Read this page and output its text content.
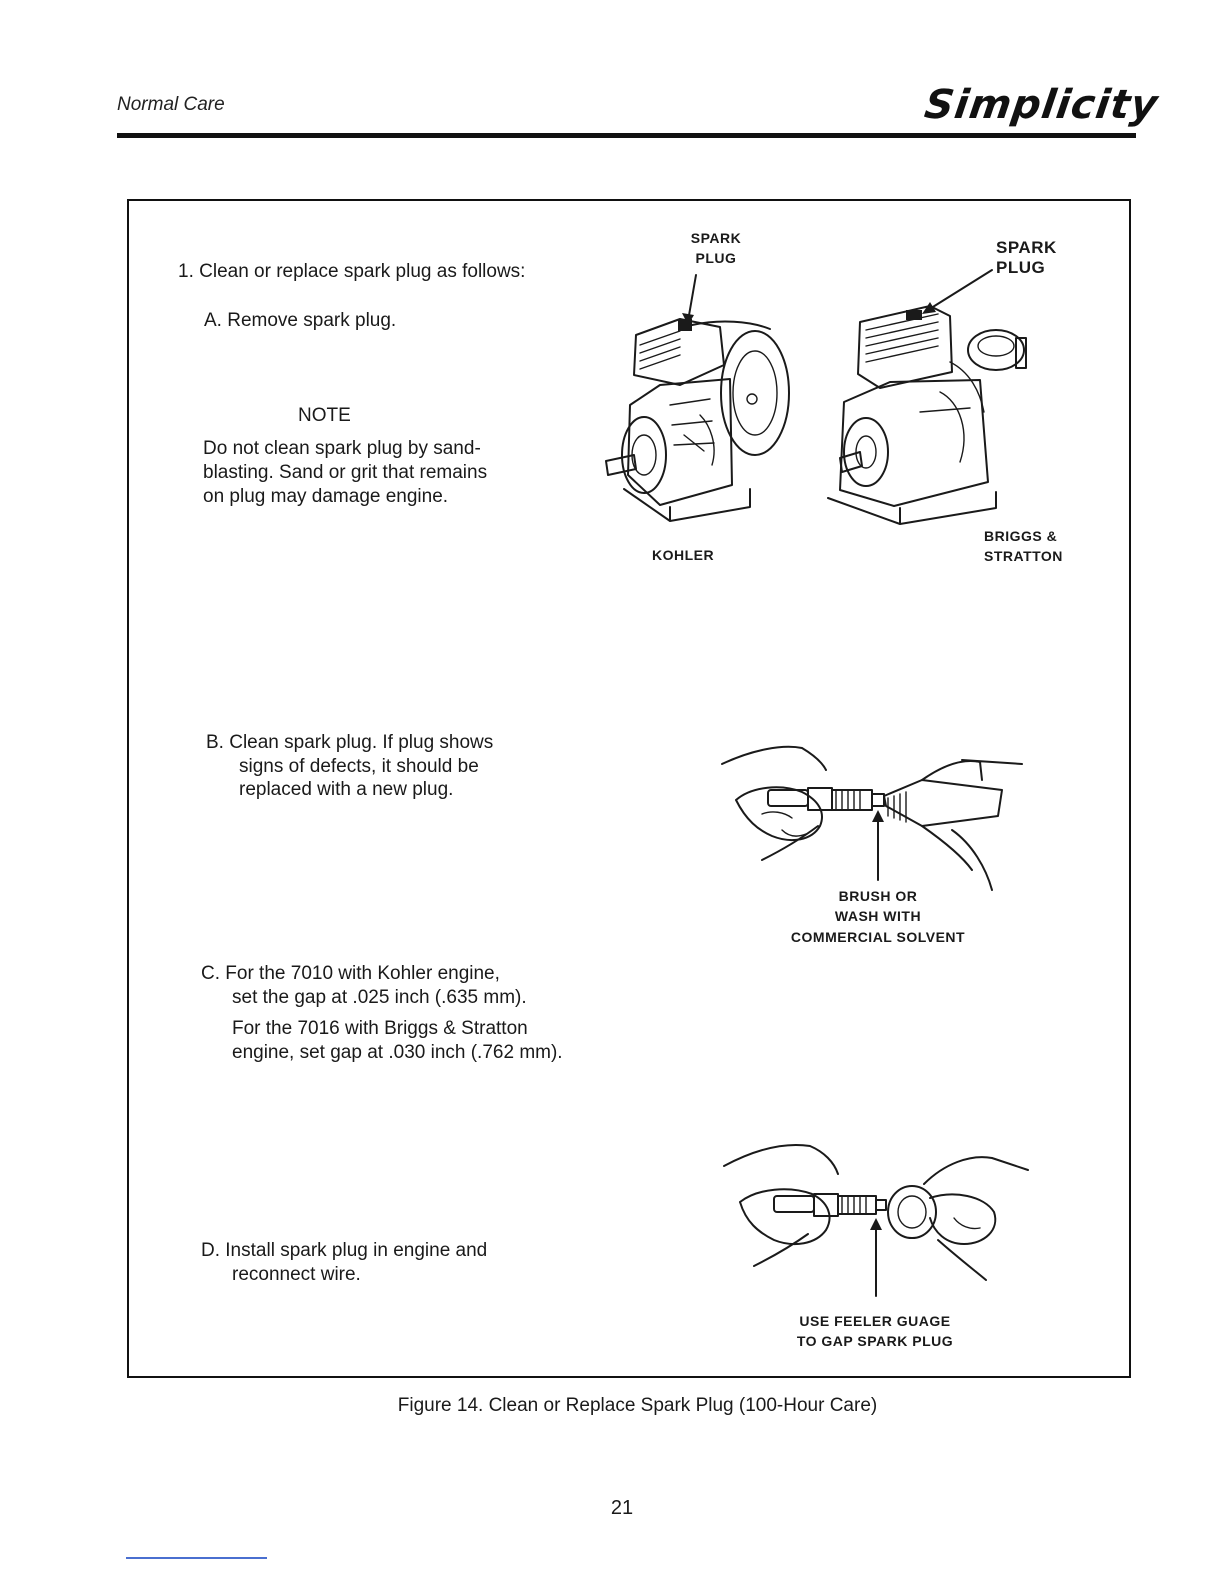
Normal Care	Simplicity
1. Clean or replace spark plug as follows:
A. Remove spark plug.
NOTE
Do not clean spark plug by sand-
blasting. Sand or grit that remains
on plug may damage engine.
B. Clean spark plug. If plug shows
signs of defects, it should be
replaced with a new plug.
C. For the 7010 with Kohler engine,
set the gap at .025 inch (.635 mm).
For the 7016 with Briggs & Stratton
engine, set gap at .030 inch (.762 mm).
D. Install spark plug in engine and
reconnect wire.
SPARK
PLUG
SPARK
PLUG
KOHLER
BRIGGS &
STRATTON
BRUSH OR
WASH WITH
COMMERCIAL SOLVENT
USE FEELER GUAGE
TO GAP SPARK PLUG
Figure 14. Clean or Replace Spark Plug (100-Hour Care)
21
